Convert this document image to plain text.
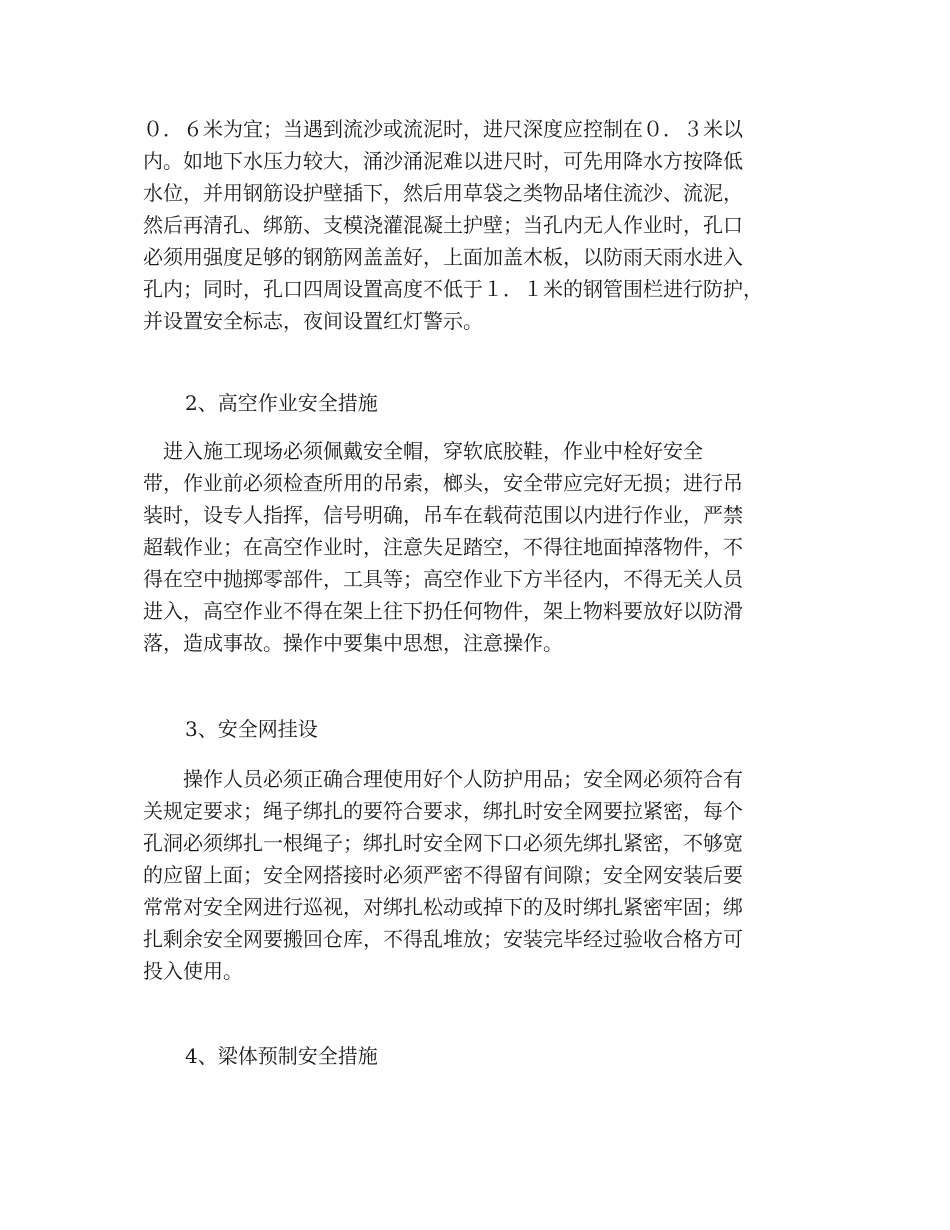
０．６米为宜；当遇到流沙或流泥时，进尺深度应控制在０．３米以
内。如地下水压力较大，涌沙涌泥难以进尺时，可先用降水方按降低
水位，并用钢筋设护壁插下，然后用草袋之类物品堵住流沙、流泥，
然后再清孔、绑筋、支模浇灌混凝土护壁；当孔内无人作业时，孔口
必须用强度足够的钢筋网盖盖好，上面加盖木板，以防雨天雨水进入
孔内；同时，孔口四周设置高度不低于１．１米的钢管围栏进行防护，
并设置安全标志，夜间设置红灯警示。
2、高空作业安全措施
　进入施工现场必须佩戴安全帽，穿软底胶鞋，作业中栓好安全
带，作业前必须检查所用的吊索，榔头，安全带应完好无损；进行吊
装时，设专人指挥，信号明确，吊车在载荷范围以内进行作业，严禁
超载作业；在高空作业时，注意失足踏空，不得往地面掉落物件，不
得在空中抛掷零部件，工具等；高空作业下方半径内，不得无关人员
进入，高空作业不得在架上往下扔任何物件，架上物料要放好以防滑
落，造成事故。操作中要集中思想，注意操作。
3、安全网挂设
　　操作人员必须正确合理使用好个人防护用品；安全网必须符合有
关规定要求；绳子绑扎的要符合要求，绑扎时安全网要拉紧密，每个
孔洞必须绑扎一根绳子；绑扎时安全网下口必须先绑扎紧密，不够宽
的应留上面；安全网搭接时必须严密不得留有间隙；安全网安装后要
常常对安全网进行巡视，对绑扎松动或掉下的及时绑扎紧密牢固；绑
扎剩余安全网要搬回仓库，不得乱堆放；安装完毕经过验收合格方可
投入使用。
4、梁体预制安全措施
